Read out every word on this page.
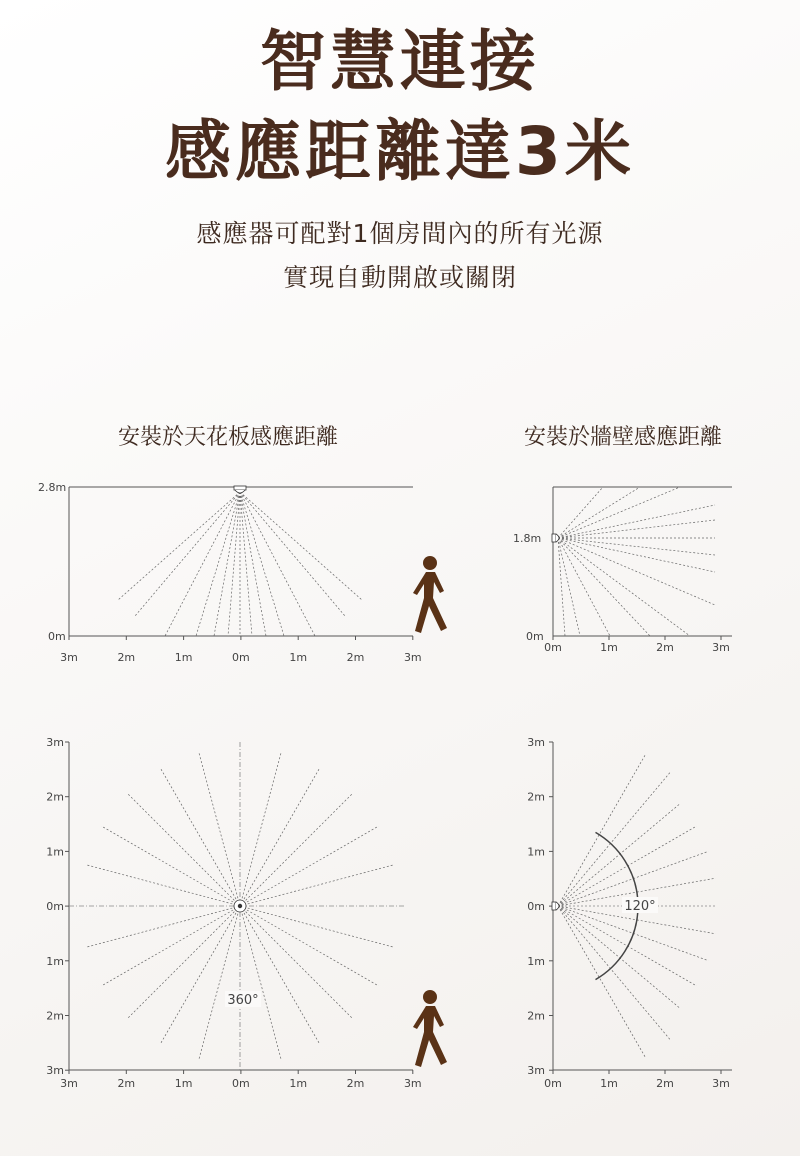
智慧連接
感應距離達3米

感應器可配對1個房間內的所有光源

實現自動開啟或關閉

安裝於天花板感應距離	安裝於牆壁感應距離

2.8m
0m
3m	2m	1m	0m	1m	2m	3m
1.8m
0m
0m	1m	2m	3m
3m
2m
1m
0m
1m
2m
3m
3m	2m	1m	0m	1m	2m	3m
360°
3m
2m
1m
0m
1m
2m
3m
0m	1m	2m	3m
120°
